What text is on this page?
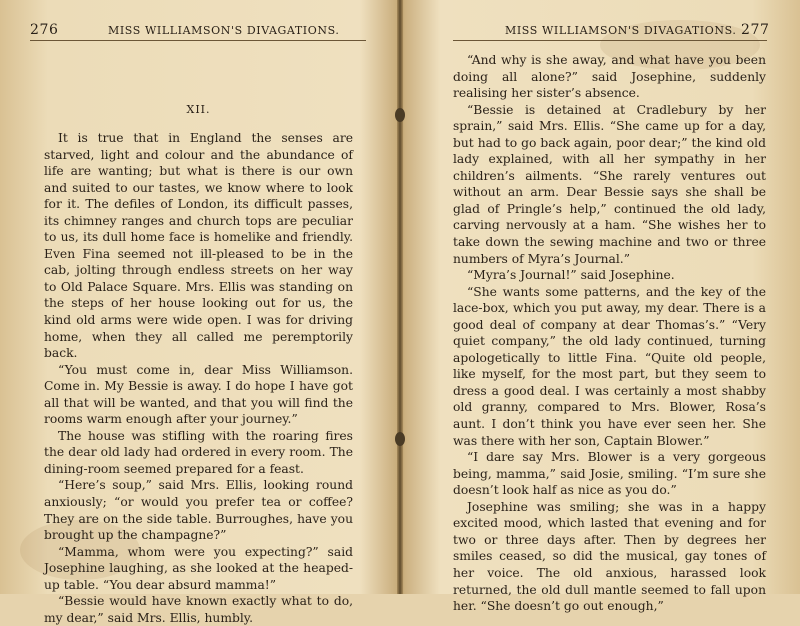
276	MISS WILLIAMSON'S DIVAGATIONS.
XII.

It is true that in England the senses are starved, light and colour and the abundance of life are wanting; but what is there is our own and suited to our tastes, we know where to look for it. The defiles of London, its difficult passes, its chimney ranges and church tops are peculiar to us, its dull home face is homelike and friendly. Even Fina seemed not ill-pleased to be in the cab, jolting through endless streets on her way to Old Palace Square. Mrs. Ellis was standing on the steps of her house looking out for us, the kind old arms were wide open. I was for driving home, when they all called me peremptorily back.

“You must come in, dear Miss Williamson. Come in. My Bessie is away. I do hope I have got all that will be wanted, and that you will find the rooms warm enough after your journey.”

The house was stifling with the roaring fires the dear old lady had ordered in every room. The dining-room seemed prepared for a feast.

“Here’s soup,” said Mrs. Ellis, looking round anxiously; “or would you prefer tea or coffee? They are on the side table. Burroughes, have you brought up the champagne?”

“Mamma, whom were you expecting?” said Josephine laughing, as she looked at the heaped-up table. “You dear absurd mamma!”

“Bessie would have known exactly what to do, my dear,” said Mrs. Ellis, humbly.

MISS WILLIAMSON'S DIVAGATIONS. 277

“And why is she away, and what have you been doing all alone?” said Josephine, suddenly realising her sister’s absence.

“Bessie is detained at Cradlebury by her sprain,” said Mrs. Ellis. “She came up for a day, but had to go back again, poor dear;” the kind old lady explained, with all her sympathy in her children’s ailments. “She rarely ventures out without an arm. Dear Bessie says she shall be glad of Pringle’s help,” continued the old lady, carving nervously at a ham. “She wishes her to take down the sewing machine and two or three numbers of Myra’s Journal.”

“Myra’s Journal!” said Josephine.

“She wants some patterns, and the key of the lace-box, which you put away, my dear. There is a good deal of company at dear Thomas’s.” “Very quiet company,” the old lady continued, turning apologetically to little Fina. “Quite old people, like myself, for the most part, but they seem to dress a good deal. I was certainly a most shabby old granny, compared to Mrs. Blower, Rosa’s aunt. I don’t think you have ever seen her. She was there with her son, Captain Blower.”

“I dare say Mrs. Blower is a very gorgeous being, mamma,” said Josie, smiling. “I’m sure she doesn’t look half as nice as you do.”

Josephine was smiling; she was in a happy excited mood, which lasted that evening and for two or three days after. Then by degrees her smiles ceased, so did the musical, gay tones of her voice. The old anxious, harassed look returned, the old dull mantle seemed to fall upon her. “She doesn’t go out enough,”
